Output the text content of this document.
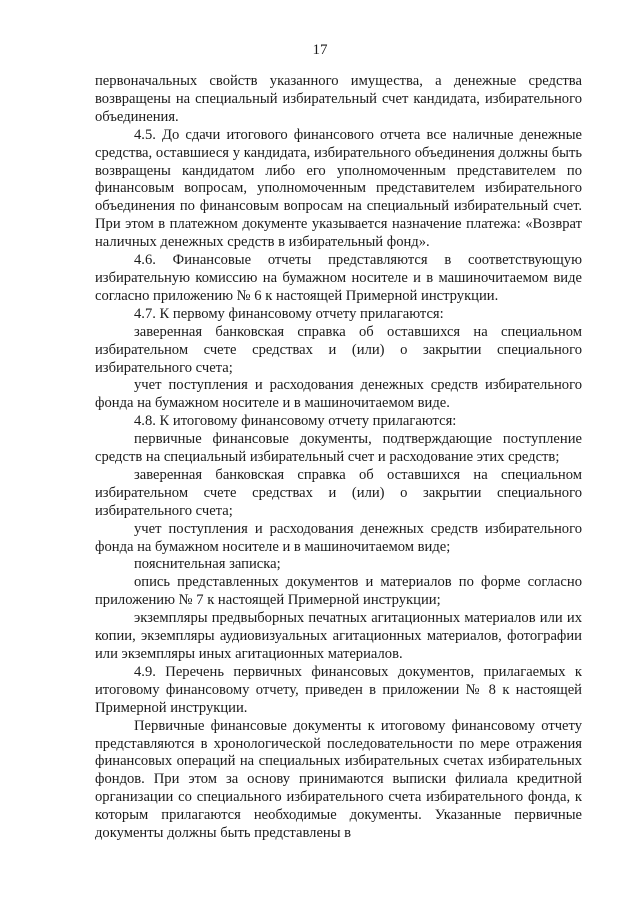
17

первоначальных свойств указанного имущества, а денежные средства возвращены на специальный избирательный счет кандидата, избирательного объединения.

4.5. До сдачи итогового финансового отчета все наличные денежные средства, оставшиеся у кандидата, избирательного объединения должны быть возвращены кандидатом либо его уполномоченным представителем по финансовым вопросам, уполномоченным представителем избирательного объединения по финансовым вопросам на специальный избирательный счет. При этом в платежном документе указывается назначение платежа: «Возврат наличных денежных средств в избирательный фонд».

4.6. Финансовые отчеты представляются в соответствующую избирательную комиссию на бумажном носителе и в машиночитаемом виде согласно приложению № 6 к настоящей Примерной инструкции.

4.7. К первому финансовому отчету прилагаются:

заверенная банковская справка об оставшихся на специальном избирательном счете средствах и (или) о закрытии специального избирательного счета;

учет поступления и расходования денежных средств избирательного фонда на бумажном носителе и в машиночитаемом виде.

4.8. К итоговому финансовому отчету прилагаются:

первичные финансовые документы, подтверждающие поступление средств на специальный избирательный счет и расходование этих средств;

заверенная банковская справка об оставшихся на специальном избирательном счете средствах и (или) о закрытии специального избирательного счета;

учет поступления и расходования денежных средств избирательного фонда на бумажном носителе и в машиночитаемом виде;

пояснительная записка;

опись представленных документов и материалов по форме согласно приложению № 7 к настоящей Примерной инструкции;

экземпляры предвыборных печатных агитационных материалов или их копии, экземпляры аудиовизуальных агитационных материалов, фотографии или экземпляры иных агитационных материалов.

4.9. Перечень первичных финансовых документов, прилагаемых к итоговому финансовому отчету, приведен в приложении № 8 к настоящей Примерной инструкции.

Первичные финансовые документы к итоговому финансовому отчету представляются в хронологической последовательности по мере отражения финансовых операций на специальных избирательных счетах избирательных фондов. При этом за основу принимаются выписки филиала кредитной организации со специального избирательного счета избирательного фонда, к которым прилагаются необходимые документы. Указанные первичные документы должны быть представлены в
